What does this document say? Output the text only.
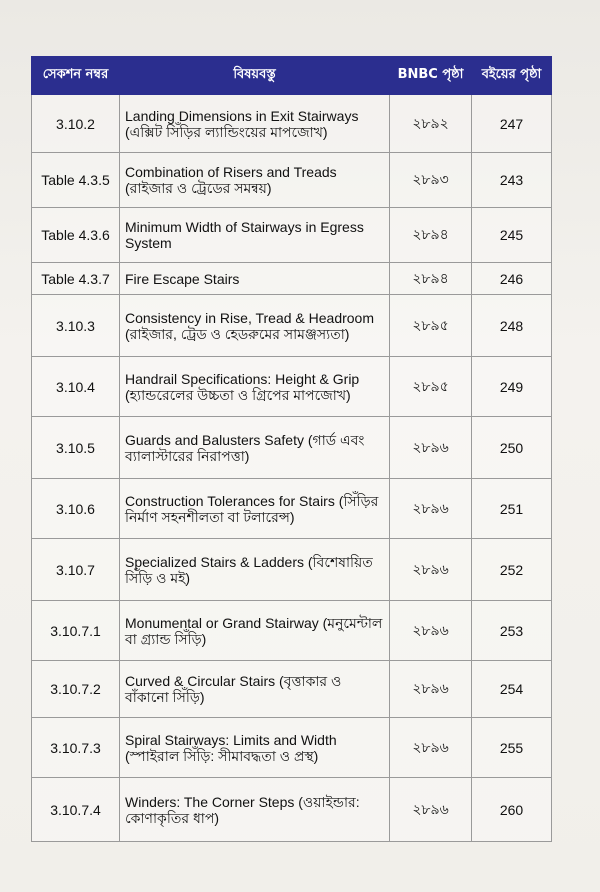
সেকশন নম্বর	বিষয়বস্তু	BNBC পৃষ্ঠা	বইয়ের পৃষ্ঠা
3.10.2	Landing Dimensions in Exit Stairways (এক্সিট সিঁড়ির ল্যান্ডিংয়ের মাপজোখ)	২৮৯২	247
Table 4.3.5	Combination of Risers and Treads (রাইজার ও ট্রেডের সমন্বয়)	২৮৯৩	243
Table 4.3.6	Minimum Width of Stairways in Egress System	২৮৯৪	245
Table 4.3.7	Fire Escape Stairs	২৮৯৪	246
3.10.3	Consistency in Rise, Tread & Headroom (রাইজার, ট্রেড ও হেডরুমের সামঞ্জস্যতা)	২৮৯৫	248
3.10.4	Handrail Specifications: Height & Grip (হ্যান্ডরেলের উচ্চতা ও গ্রিপের মাপজোখ)	২৮৯৫	249
3.10.5	Guards and Balusters Safety (গার্ড এবং ব্যালাস্টারের নিরাপত্তা)	২৮৯৬	250
3.10.6	Construction Tolerances for Stairs (সিঁড়ির নির্মাণ সহনশীলতা বা টলারেন্স)	২৮৯৬	251
3.10.7	Specialized Stairs & Ladders (বিশেষায়িত সিঁড়ি ও মই)	২৮৯৬	252
3.10.7.1	Monumental or Grand Stairway (মনুমেন্টাল বা গ্র্যান্ড সিঁড়ি)	২৮৯৬	253
3.10.7.2	Curved & Circular Stairs (বৃত্তাকার ও বাঁকানো সিঁড়ি)	২৮৯৬	254
3.10.7.3	Spiral Stairways: Limits and Width (স্পাইরাল সিঁড়ি: সীমাবদ্ধতা ও প্রস্থ)	২৮৯৬	255
3.10.7.4	Winders: The Corner Steps (ওয়াইন্ডার: কোণাকৃতির ধাপ)	২৮৯৬	260
